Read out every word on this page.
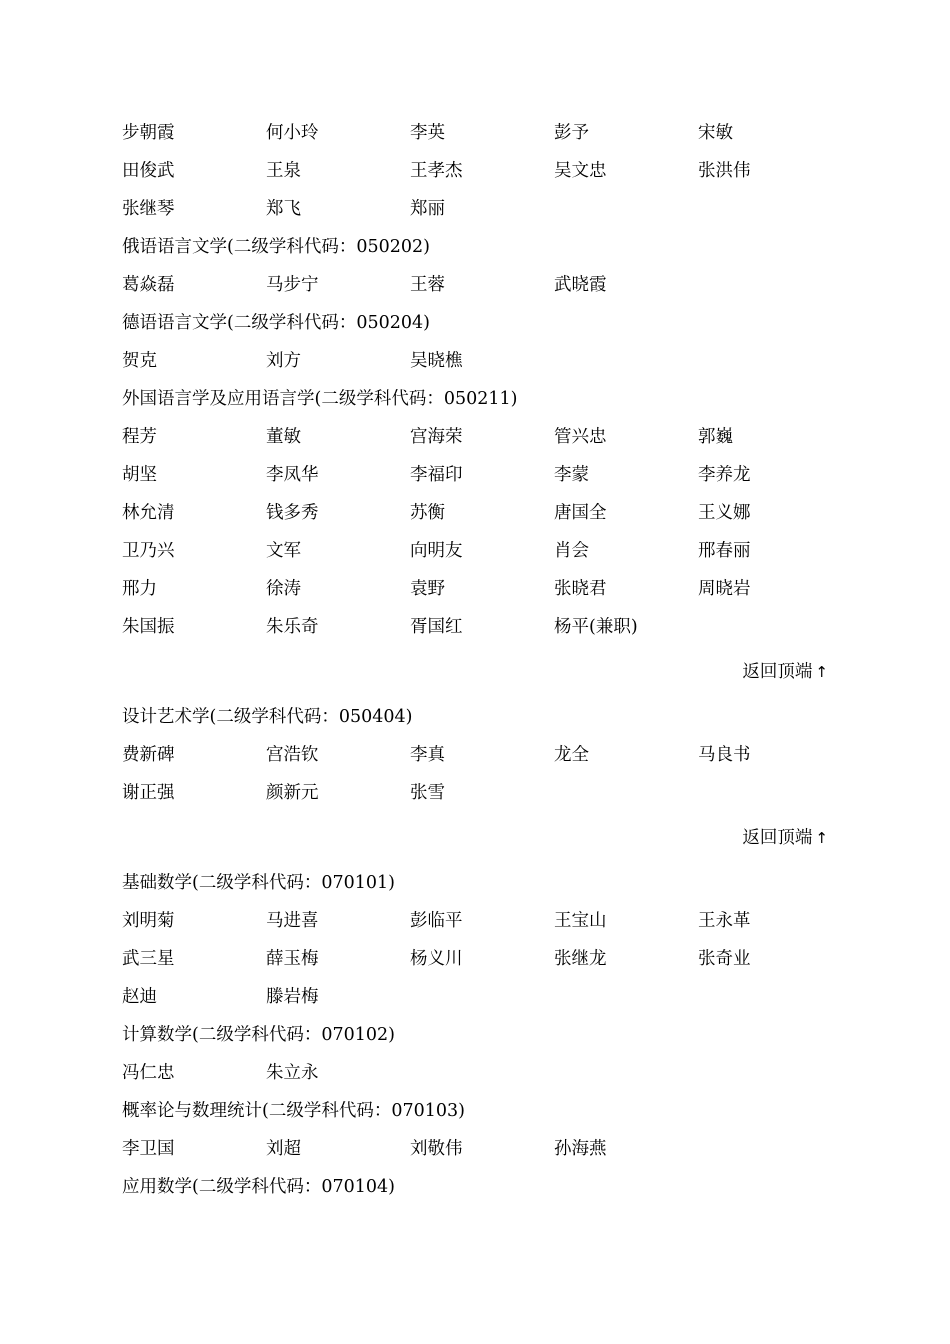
步朝霞	何小玲	李英	彭予	宋敏
田俊武	王泉	王孝杰	吴文忠	张洪伟
张继琴	郑飞	郑丽
俄语语言文学(二级学科代码：050202)
葛焱磊	马步宁	王蓉	武晓霞
德语语言文学(二级学科代码：050204)
贺克	刘方	吴晓樵
外国语言学及应用语言学(二级学科代码：050211)
程芳	董敏	宫海荣	管兴忠	郭巍
胡坚	李凤华	李福印	李蒙	李养龙
林允清	钱多秀	苏衡	唐国全	王义娜
卫乃兴	文军	向明友	肖会	邢春丽
邢力	徐涛	袁野	张晓君	周晓岩
朱国振	朱乐奇	胥国红	杨平(兼职)
返回顶端 ↑
设计艺术学(二级学科代码：050404)
费新碑	宫浩钦	李真	龙全	马良书
谢正强	颜新元	张雪
返回顶端 ↑
基础数学(二级学科代码：070101)
刘明菊	马进喜	彭临平	王宝山	王永革
武三星	薛玉梅	杨义川	张继龙	张奇业
赵迪	滕岩梅
计算数学(二级学科代码：070102)
冯仁忠	朱立永
概率论与数理统计(二级学科代码：070103)
李卫国	刘超	刘敬伟	孙海燕
应用数学(二级学科代码：070104)
